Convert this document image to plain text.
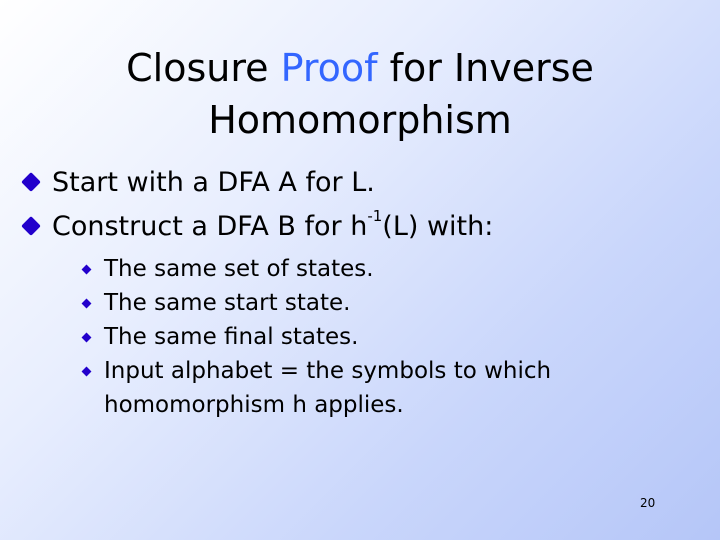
Closure Proof for Inverse
Homomorphism
Start with a DFA A for L.
Construct a DFA B for $h^{-1}(L)$ with:
The same set of states.
The same start state.
The same final states.
Input alphabet = the symbols to which homomorphism h applies.
20
